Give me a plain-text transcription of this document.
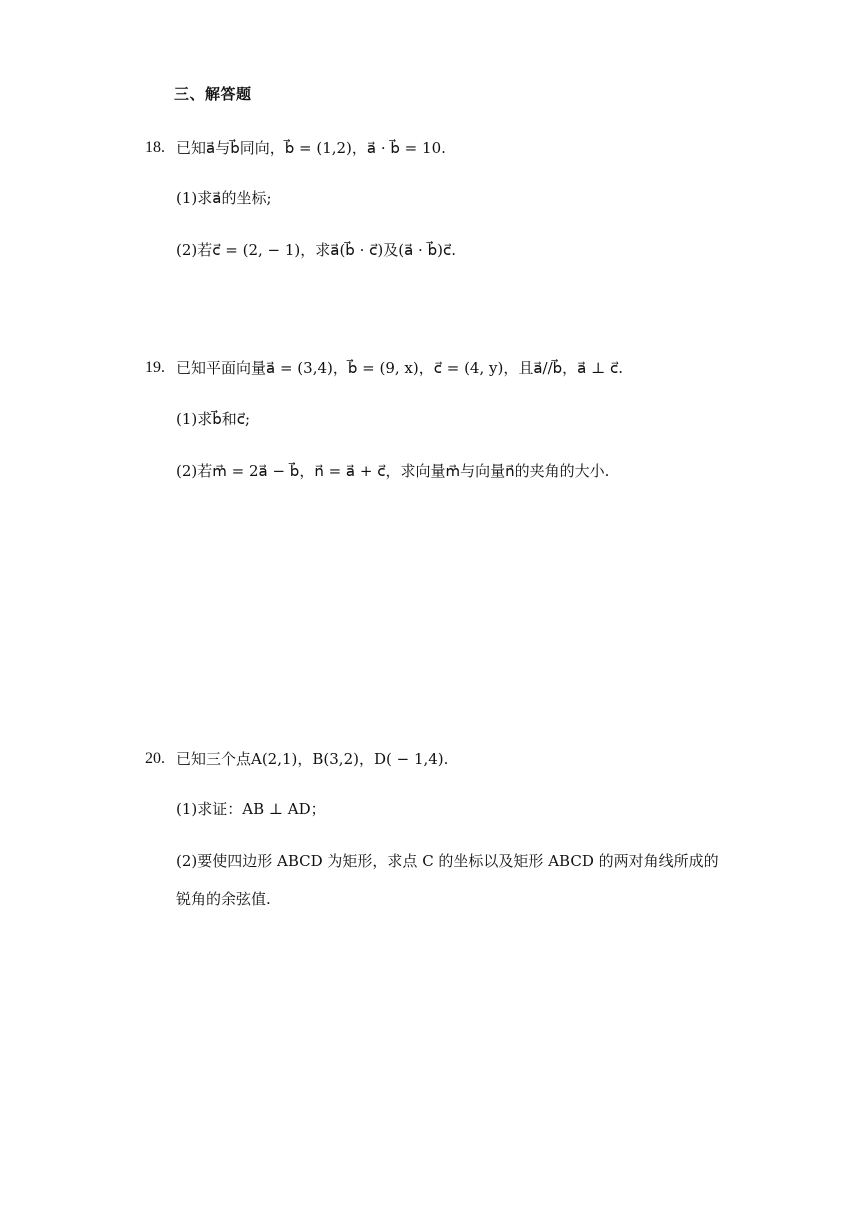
三、解答题
18. 已知a⃗与b⃗同向，b⃗ = (1,2)，a⃗ · b⃗ = 10.
(1)求a⃗的坐标;
(2)若c⃗ = (2, − 1)，求a⃗(b⃗ · c⃗)及(a⃗ · b⃗)c⃗.
19. 已知平面向量a⃗ = (3,4)，b⃗ = (9, x)，c⃗ = (4, y)，且a⃗//b⃗，a⃗ ⊥ c⃗.
(1)求b⃗和c⃗;
(2)若m⃗ = 2a⃗ − b⃗，n⃗ = a⃗ + c⃗，求向量m⃗与向量n⃗的夹角的大小.
20. 已知三个点A(2,1)，B(3,2)，D( − 1,4).
(1)求证：AB ⊥ AD；
(2)要使四边形 ABCD 为矩形，求点 C 的坐标以及矩形 ABCD 的两对角线所成的锐角的余弦值.
